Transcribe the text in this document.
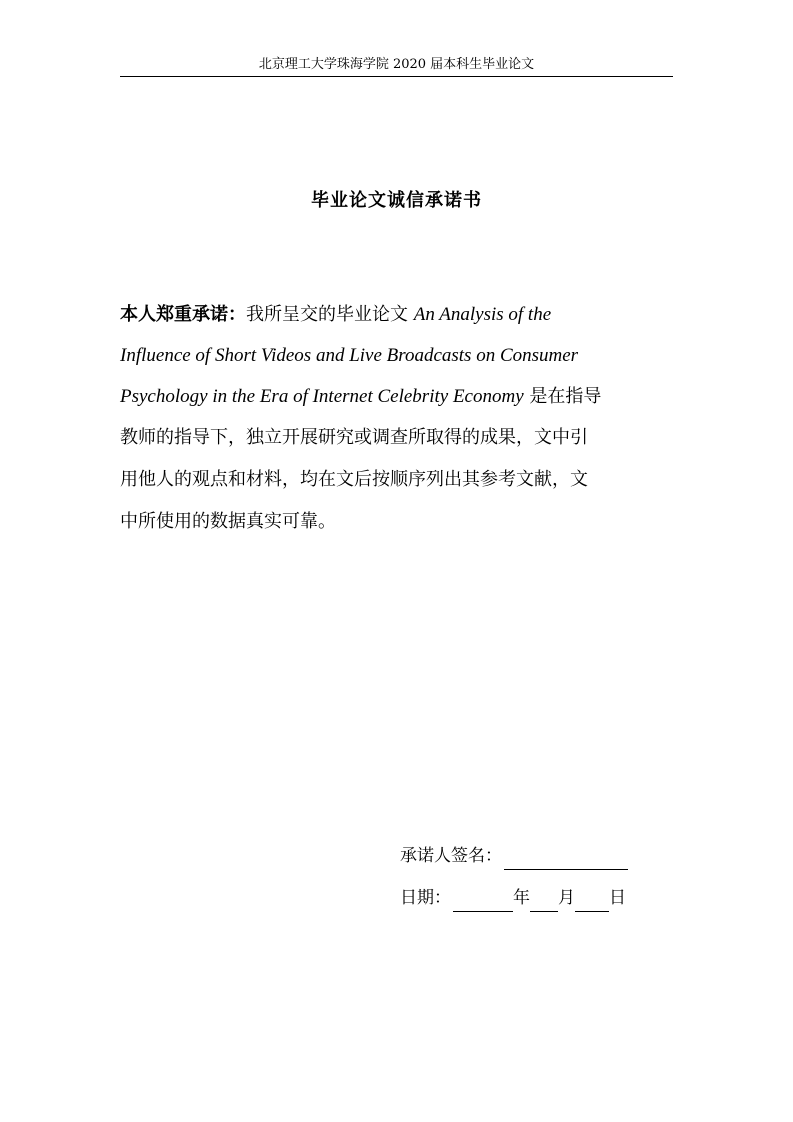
北京理工大学珠海学院 2020 届本科生毕业论文
毕业论文诚信承诺书
本人郑重承诺：我所呈交的毕业论文 An Analysis of the
Influence of Short Videos and Live Broadcasts on Consumer
Psychology in the Era of Internet Celebrity Economy 是在指导
教师的指导下，独立开展研究或调查所取得的成果，文中引
用他人的观点和材料，均在文后按顺序列出其参考文献，文
中所使用的数据真实可靠。
承诺人签名：
日期：	年 月 日
